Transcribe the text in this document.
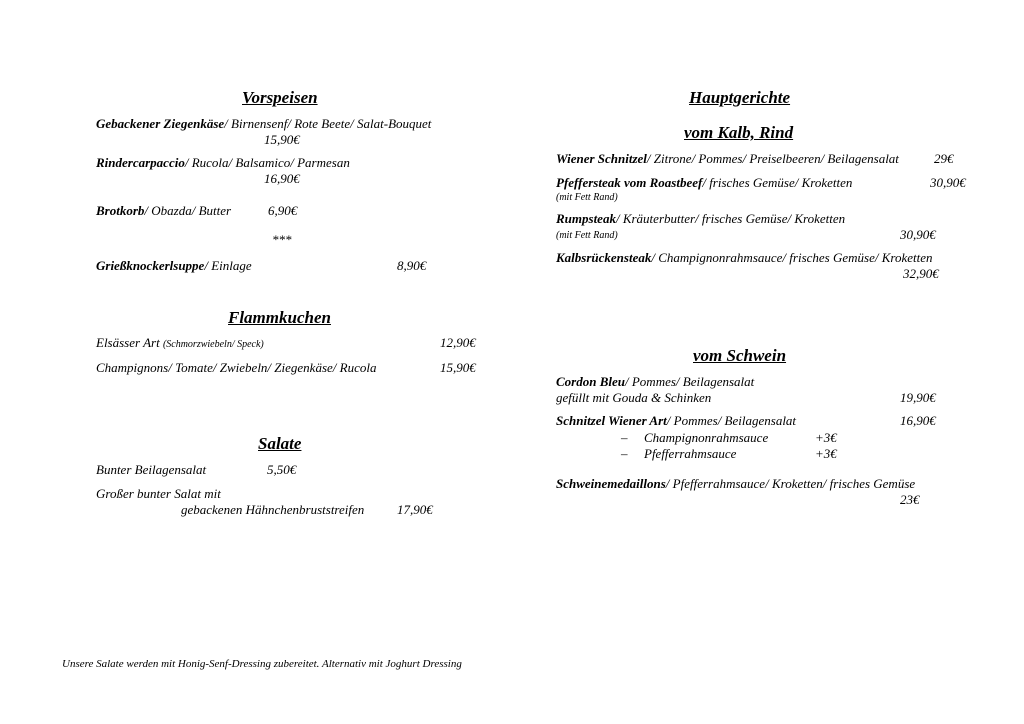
Vorspeisen
Gebackener Ziegenkäse/ Birnensenf/ Rote Beete/ Salat-Bouquet
15,90€
Rindercarpaccio/ Rucola/ Balsamico/ Parmesan
16,90€
Brotkorb/ Obazda/ Butter	6,90€
***
Grießknockerlsuppe/ Einlage	8,90€
Flammkuchen
Elsässer Art (Schmorzwiebeln/ Speck)	12,90€
Champignons/ Tomate/ Zwiebeln/ Ziegenkäse/ Rucola	15,90€
Salate
Bunter Beilagensalat	5,50€
Großer bunter Salat mit
gebackenen Hähnchenbruststreifen	17,90€
Unsere Salate werden mit Honig-Senf-Dressing zubereitet. Alternativ mit Joghurt Dressing
Hauptgerichte
vom Kalb, Rind
Wiener Schnitzel/ Zitrone/ Pommes/ Preiselbeeren/ Beilagensalat	29€
Pfeffersteak vom Roastbeef/ frisches Gemüse/ Kroketten
(mit Fett Rand)
30,90€
Rumpsteak/ Kräuterbutter/ frisches Gemüse/ Kroketten
(mit Fett Rand)	30,90€
Kalbsrückensteak/ Champignonrahmsauce/ frisches Gemüse/ Kroketten
32,90€
vom Schwein
Cordon Bleu/ Pommes/ Beilagensalat
gefüllt mit Gouda & Schinken	19,90€
Schnitzel Wiener Art/ Pommes/ Beilagensalat	16,90€
– Champignonrahmsauce	+3€
– Pfefferrahmsauce	+3€
Schweinemedaillons/ Pfefferrahmsauce/ Kroketten/ frisches Gemüse
23€
